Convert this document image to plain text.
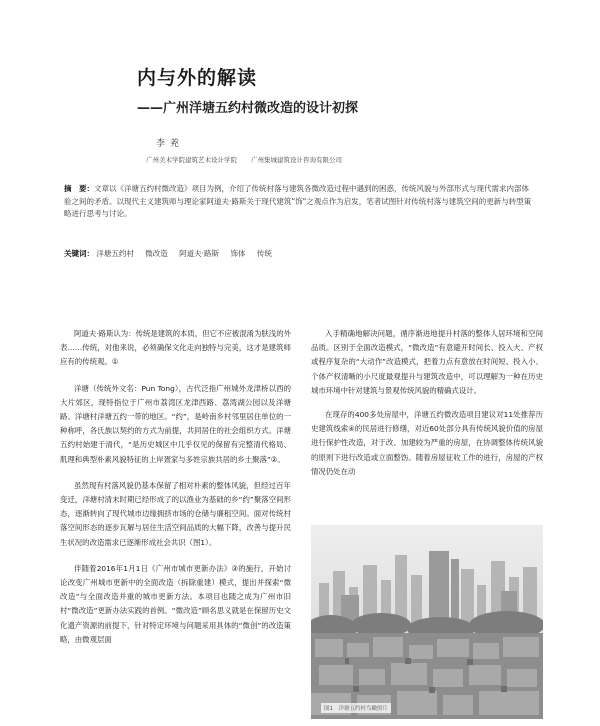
内与外的解读
——广州洋塘五约村微改造的设计初探
李茺
广州美术学院建筑艺术设计学院 广州集城建筑设计咨询有限公司
摘　要：文章以《洋塘五约村微改造》项目为例，介绍了传统村落与建筑各微改造过程中遇到的困惑，传统风貌与外部形式与现代需求内部体验之间的矛盾。以现代主义建筑师与理论家阿道夫·路斯关于现代建筑“饰"之观点作为启发，笔者试图针对传统村落与建筑空间的更新与转型策略进行思考与讨论。
关键词： 洋塘五约村 微改造 阿道夫·路斯 饰体 传统

阿道夫·路斯认为：传统是建筑的本质，但它不应被混淆为肤浅的外表……传统，对他来说，必须确保文化走向独特与完美，这才是建筑师应有的传统观。①

洋塘（传统外文名：Pun Tong），古代泛指广州城外龙津桥以西的大片郊区，现特指位于广州市荔湾区龙津西路、荔湾湖公园以及洋塘路、洋塘村洋塘五约一带的地区。“约”，是岭南乡村邻里居住单位的一种称呼，各氏族以契约的方式为前提，共同居住的社会组织方式。洋塘五约村始建于清代，“是历史城区中几乎仅见的保留有完整清代格局、肌理和典型朴素风貌特征的上岸疍家与多姓宗族共居的乡土聚落”②。

虽然现有村落风貌仍基本保留了相对朴素的整体风貌，但经过百年变迁，洋塘村清末时期已经形成了的以渔业为基础的乡“约”聚落空间形态，逐渐转向了现代城市边缘拥挤市场的仓储与廉租空间。面对传统村落空间形态的逐步瓦解与居住生活空间品质的大幅下降，改善与提升民生状况的改造需求已逐渐形成社会共识（图1）。

伴随着2016年1月1日《广州市城市更新办法》③的施行，开始讨论改变广州城市更新中的全面改造（拆除重建）模式，提出并探索“微改造”与全面改造并重的城市更新方法。本项目也随之成为广州市旧村“微改造”更新办法实践的首例。“微改造”顾名思义就是在保留历史文化遗产资源的前提下，针对特定环境与问题采用具体的“微创”的改造策略，由微观层面

入手精确地解决问题，循序渐进地提升村落的整体人居环境和空间品质。区别于全面改造模式，“微改造”有意避开时间长、投入大、产权或程序复杂的“大动作”改造模式，把着力点有意放在时间短、投入小、个体产权清晰的小尺度最观提升与建筑改造中，可以理解为一种在历史城市环境中针对建筑与景观传统风貌的精确式设计。

在现存的400多处房屋中，洋塘五约微改造项目建议对11处推荐历史建筑线索④的民居进行修缮，对近60处部分具有传统风貌价值的房屋进行保护性改造，对于改、加建较为严重的房屋，在协调整体传统风貌的原则下进行改造或立面整饬。随着房屋征收工作的进行，房屋的产权情况仍处在动

图1　洋塘五约村鸟瞰照片
